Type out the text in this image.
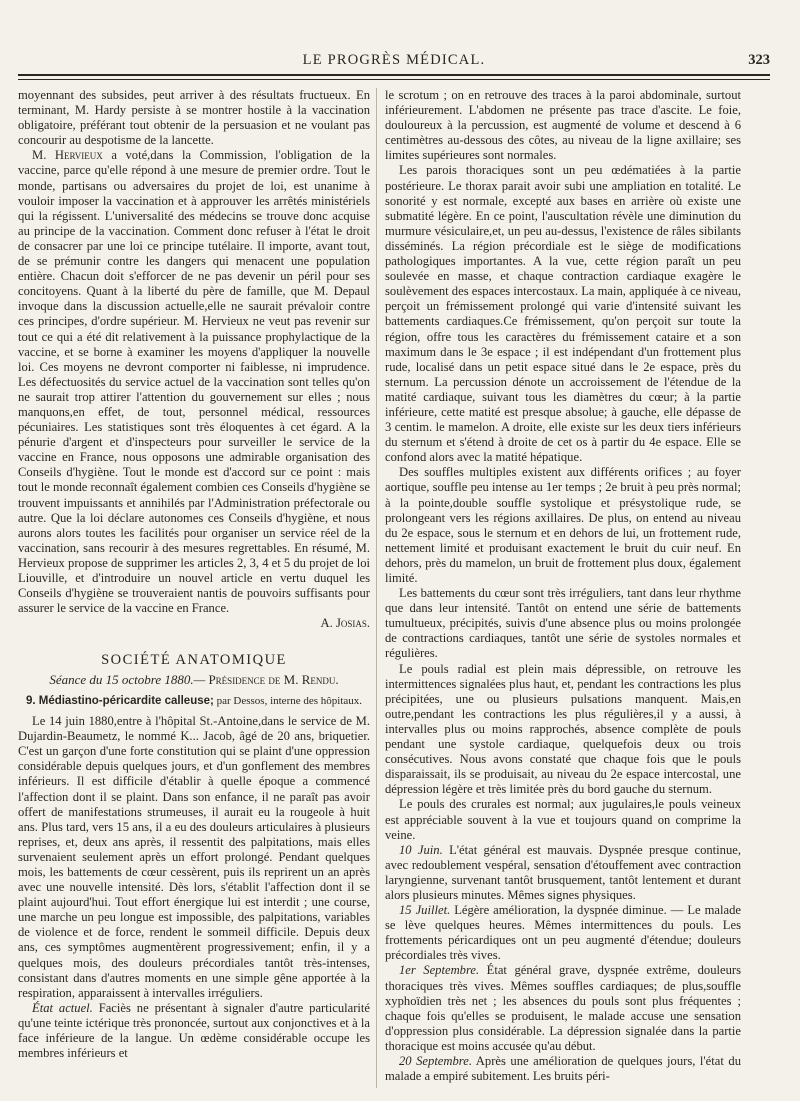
LE PROGRÈS MÉDICAL.	323

moyennant des subsides, peut arriver à des résultats fructueux. En terminant, M. Hardy persiste à se montrer hostile à la vaccination obligatoire, préférant tout obtenir de la persuasion et ne voulant pas concourir au despotisme de la lancette.

M. Hervieux a voté,dans la Commission, l'obligation de la vaccine, parce qu'elle répond à une mesure de premier ordre. Tout le monde, partisans ou adversaires du projet de loi, est unanime à vouloir imposer la vaccination et à approuver les arrêtés ministériels qui la régissent. L'universalité des médecins se trouve donc acquise au principe de la vaccination. Comment donc refuser à l'état le droit de consacrer par une loi ce principe tutélaire. Il importe, avant tout, de se prémunir contre les dangers qui menacent une population entière. Chacun doit s'efforcer de ne pas devenir un péril pour ses concitoyens. Quant à la liberté du père de famille, que M. Depaul invoque dans la discussion actuelle,elle ne saurait prévaloir contre ces principes, d'ordre supérieur. M. Hervieux ne veut pas revenir sur tout ce qui a été dit relativement à la puissance prophylactique de la vaccine, et se borne à examiner les moyens d'appliquer la nouvelle loi. Ces moyens ne devront comporter ni faiblesse, ni imprudence. Les défectuosités du service actuel de la vaccination sont telles qu'on ne saurait trop attirer l'attention du gouvernement sur elles ; nous manquons,en effet, de tout, personnel médical, ressources pécuniaires. Les statistiques sont très éloquentes à cet égard. A la pénurie d'argent et d'inspecteurs pour surveiller le service de la vaccine en France, nous opposons une admirable organisation des Conseils d'hygiène. Tout le monde est d'accord sur ce point : mais tout le monde reconnaît également combien ces Conseils d'hygiène se trouvent impuissants et annihilés par l'Administration préfectorale ou autre. Que la loi déclare autonomes ces Conseils d'hygiène, et nous aurons alors toutes les facilités pour organiser un service réel de la vaccination, sans recourir à des mesures regrettables. En résumé, M. Hervieux propose de supprimer les articles 2, 3, 4 et 5 du projet de loi Liouville, et d'introduire un nouvel article en vertu duquel les Conseils d'hygiène se trouveraient nantis de pouvoirs suffisants pour assurer le service de la vaccine en France.

A. Josias.

SOCIÉTÉ ANATOMIQUE
Séance du 15 octobre 1880.— Présidence de M. Rendu.
9. Médiastino-péricardite calleuse; par Dessos, interne des hôpitaux.

Le 14 juin 1880,entre à l'hôpital St.-Antoine,dans le service de M. Dujardin-Beaumetz, le nommé K... Jacob, âgé de 20 ans, briquetier. C'est un garçon d'une forte constitution qui se plaint d'une oppression considérable depuis quelques jours, et d'un gonflement des membres inférieurs. Il est difficile d'établir à quelle époque a commencé l'affection dont il se plaint. Dans son enfance, il ne paraît pas avoir offert de manifestations strumeuses, il aurait eu la rougeole à huit ans. Plus tard, vers 15 ans, il a eu des douleurs articulaires à plusieurs reprises, et, deux ans après, il ressentit des palpitations, mais elles survenaient seulement après un effort prolongé. Pendant quelques mois, les battements de cœur cessèrent, puis ils reprirent un an après avec une nouvelle intensité. Dès lors, s'établit l'affection dont il se plaint aujourd'hui. Tout effort énergique lui est interdit ; une course, une marche un peu longue est impossible, des palpitations, variables de violence et de force, rendent le sommeil difficile. Depuis deux ans, ces symptômes augmentèrent progressivement; enfin, il y a quelques mois, des douleurs précordiales tantôt très-intenses, consistant dans d'autres moments en une simple gêne apportée à la respiration, apparaissent à intervalles irréguliers.

État actuel. Faciès ne présentant à signaler d'autre particularité qu'une teinte ictérique très prononcée, surtout aux conjonctives et à la face inférieure de la langue. Un œdème considérable occupe les membres inférieurs et

le scrotum ; on en retrouve des traces à la paroi abdominale, surtout inférieurement. L'abdomen ne présente pas trace d'ascite. Le foie, douloureux à la percussion, est augmenté de volume et descend à 6 centimètres au-dessous des côtes, au niveau de la ligne axillaire; ses limites supérieures sont normales.

Les parois thoraciques sont un peu œdématiées à la partie postérieure. Le thorax parait avoir subi une ampliation en totalité. Le sonorité y est normale, excepté aux bases en arrière où existe une submatité légère. En ce point, l'auscultation révèle une diminution du murmure vésiculaire,et, un peu au-dessus, l'existence de râles sibilants disséminés. La région précordiale est le siège de modifications pathologiques importantes. A la vue, cette région paraît un peu soulevée en masse, et chaque contraction cardiaque exagère le soulèvement des espaces intercostaux. La main, appliquée à ce niveau, perçoit un frémissement prolongé qui varie d'intensité suivant les battements cardiaques.Ce frémissement, qu'on perçoit sur toute la région, offre tous les caractères du frémissement cataire et a son maximum dans le 3e espace ; il est indépendant d'un frottement plus rude, localisé dans un petit espace situé dans le 2e espace, près du sternum. La percussion dénote un accroissement de l'étendue de la matité cardiaque, suivant tous les diamètres du cœur; à la partie inférieure, cette matité est presque absolue; à gauche, elle dépasse de 3 centim. le mamelon. A droite, elle existe sur les deux tiers inférieurs du sternum et s'étend à droite de cet os à partir du 4e espace. Elle se confond alors avec la matité hépatique.

Des souffles multiples existent aux différents orifices ; au foyer aortique, souffle peu intense au 1er temps ; 2e bruit à peu près normal; à la pointe,double souffle systolique et présystolique rude, se prolongeant vers les régions axillaires. De plus, on entend au niveau du 2e espace, sous le sternum et en dehors de lui, un frottement rude, nettement limité et produisant exactement le bruit du cuir neuf. En dehors, près du mamelon, un bruit de frottement plus doux, également limité.

Les battements du cœur sont très irréguliers, tant dans leur rhythme que dans leur intensité. Tantôt on entend une série de battements tumultueux, précipités, suivis d'une absence plus ou moins prolongée de contractions cardiaques, tantôt une série de systoles normales et régulières.

Le pouls radial est plein mais dépressible, on retrouve les intermittences signalées plus haut, et, pendant les contractions les plus précipitées, une ou plusieurs pulsations manquent. Mais,en outre,pendant les contractions les plus régulières,il y a aussi, à intervalles plus ou moins rapprochés, absence complète de pouls pendant une systole cardiaque, quelquefois deux ou trois consécutives. Nous avons constaté que chaque fois que le pouls disparaissait, ils se produisait, au niveau du 2e espace intercostal, une dépression légère et très limitée près du bord gauche du sternum.

Le pouls des crurales est normal; aux jugulaires,le pouls veineux est appréciable souvent à la vue et toujours quand on comprime la veine.

10 Juin. L'état général est mauvais. Dyspnée presque continue, avec redoublement vespéral, sensation d'étouffement avec contraction laryngienne, survenant tantôt brusquement, tantôt lentement et durant alors plusieurs minutes. Mêmes signes physiques.

15 Juillet. Légère amélioration, la dyspnée diminue. — Le malade se lève quelques heures. Mêmes intermittences du pouls. Les frottements péricardiques ont un peu augmenté d'étendue; douleurs précordiales très vives.

1er Septembre. État général grave, dyspnée extrême, douleurs thoraciques très vives. Mêmes souffles cardiaques; de plus,souffle xyphoïdien très net ; les absences du pouls sont plus fréquentes ; chaque fois qu'elles se produisent, le malade accuse une sensation d'oppression plus considérable. La dépression signalée dans la partie thoracique est moins accusée qu'au début.

20 Septembre. Après une amélioration de quelques jours, l'état du malade a empiré subitement. Les bruits péri-
